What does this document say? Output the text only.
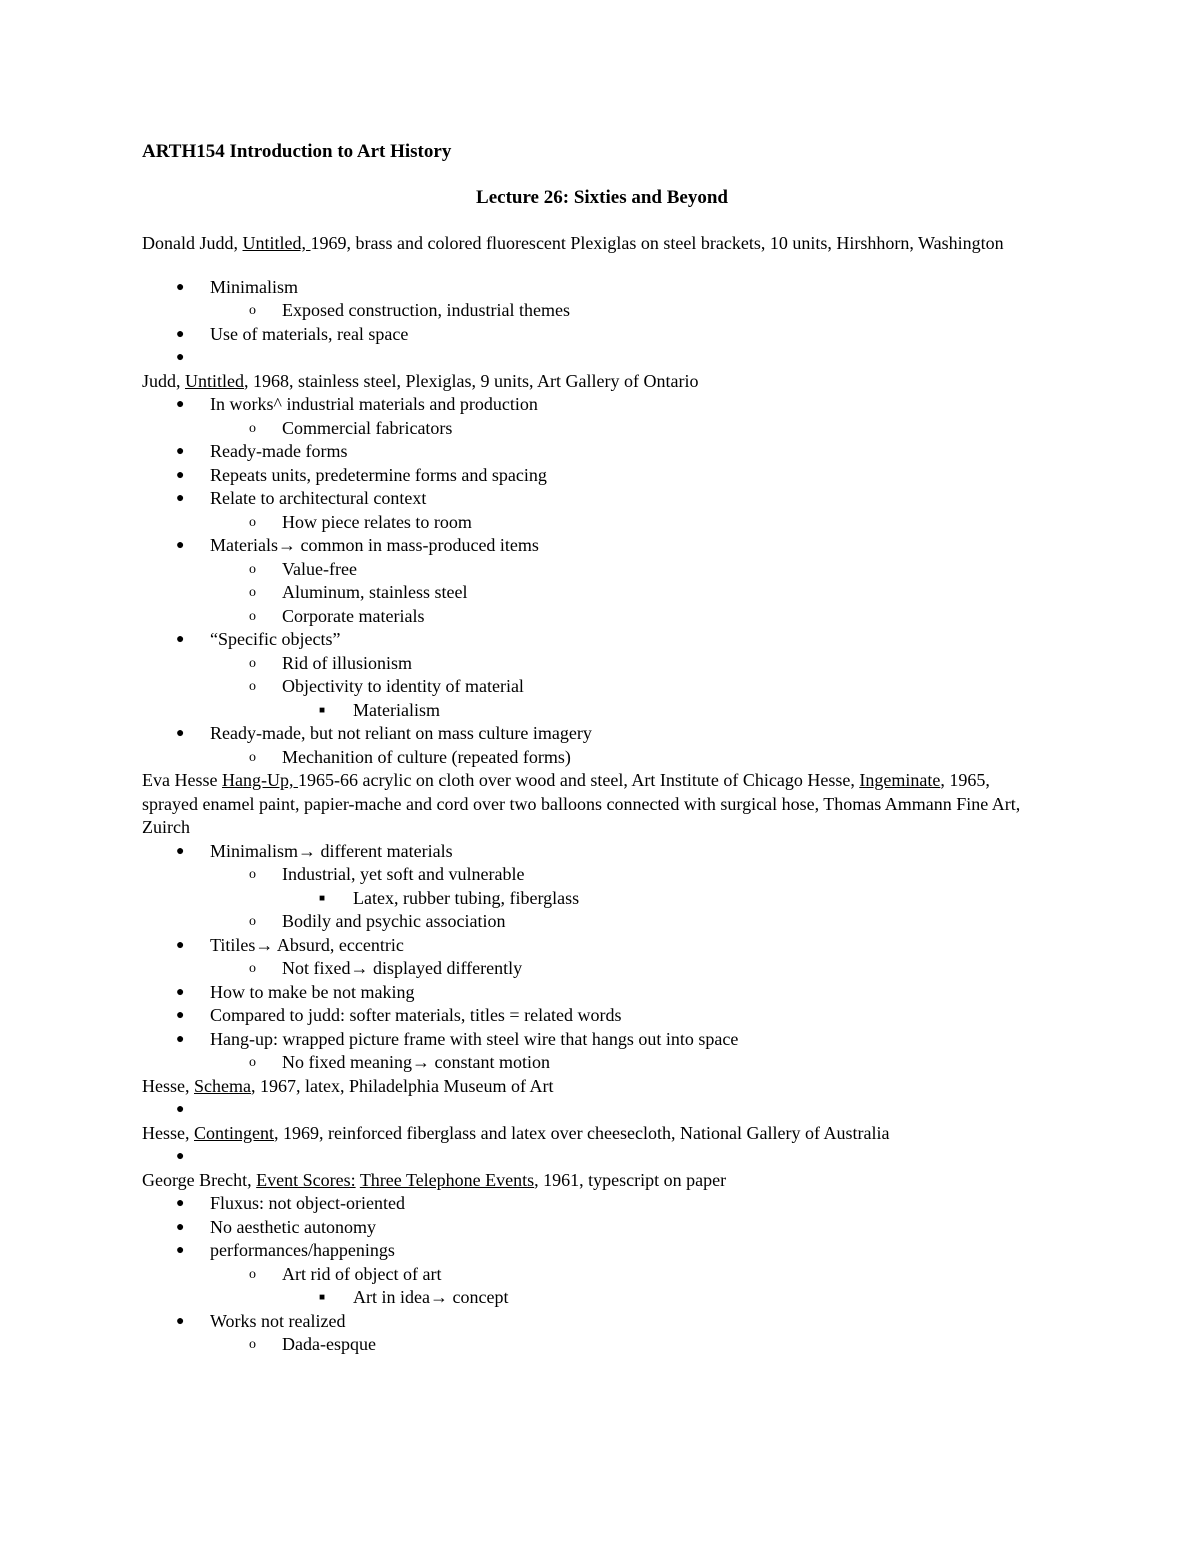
ARTH154 Introduction to Art History
Lecture 26: Sixties and Beyond

Donald Judd, Untitled, 1969, brass and colored fluorescent Plexiglas on steel brackets, 10 units, Hirshhorn, Washington

● Minimalism
o Exposed construction, industrial themes
● Use of materials, real space
●

Judd, Untitled, 1968, stainless steel, Plexiglas, 9 units, Art Gallery of Ontario

● In works^ industrial materials and production
o Commercial fabricators
● Ready-made forms
● Repeats units, predetermine forms and spacing
● Relate to architectural context
o How piece relates to room
● Materials→ common in mass-produced items
o Value-free
o Aluminum, stainless steel
o Corporate materials
● “Specific objects”
o Rid of illusionism
o Objectivity to identity of material
■ Materialism
● Ready-made, but not reliant on mass culture imagery
o Mechanition of culture (repeated forms)

Eva Hesse Hang-Up, 1965-66 acrylic on cloth over wood and steel, Art Institute of Chicago Hesse, Ingeminate, 1965, sprayed enamel paint, papier-mache and cord over two balloons connected with surgical hose, Thomas Ammann Fine Art, Zuirch

● Minimalism→ different materials
o Industrial, yet soft and vulnerable
■ Latex, rubber tubing, fiberglass
o Bodily and psychic association
● Titiles→ Absurd, eccentric
o Not fixed→ displayed differently
● How to make be not making
● Compared to judd: softer materials, titles = related words
● Hang-up: wrapped picture frame with steel wire that hangs out into space
o No fixed meaning→ constant motion

Hesse, Schema, 1967, latex, Philadelphia Museum of Art

●

Hesse, Contingent, 1969, reinforced fiberglass and latex over cheesecloth, National Gallery of Australia

●

George Brecht, Event Scores: Three Telephone Events, 1961, typescript on paper

● Fluxus: not object-oriented
● No aesthetic autonomy
● performances/happenings
o Art rid of object of art
■ Art in idea→ concept
● Works not realized
o Dada-espque
